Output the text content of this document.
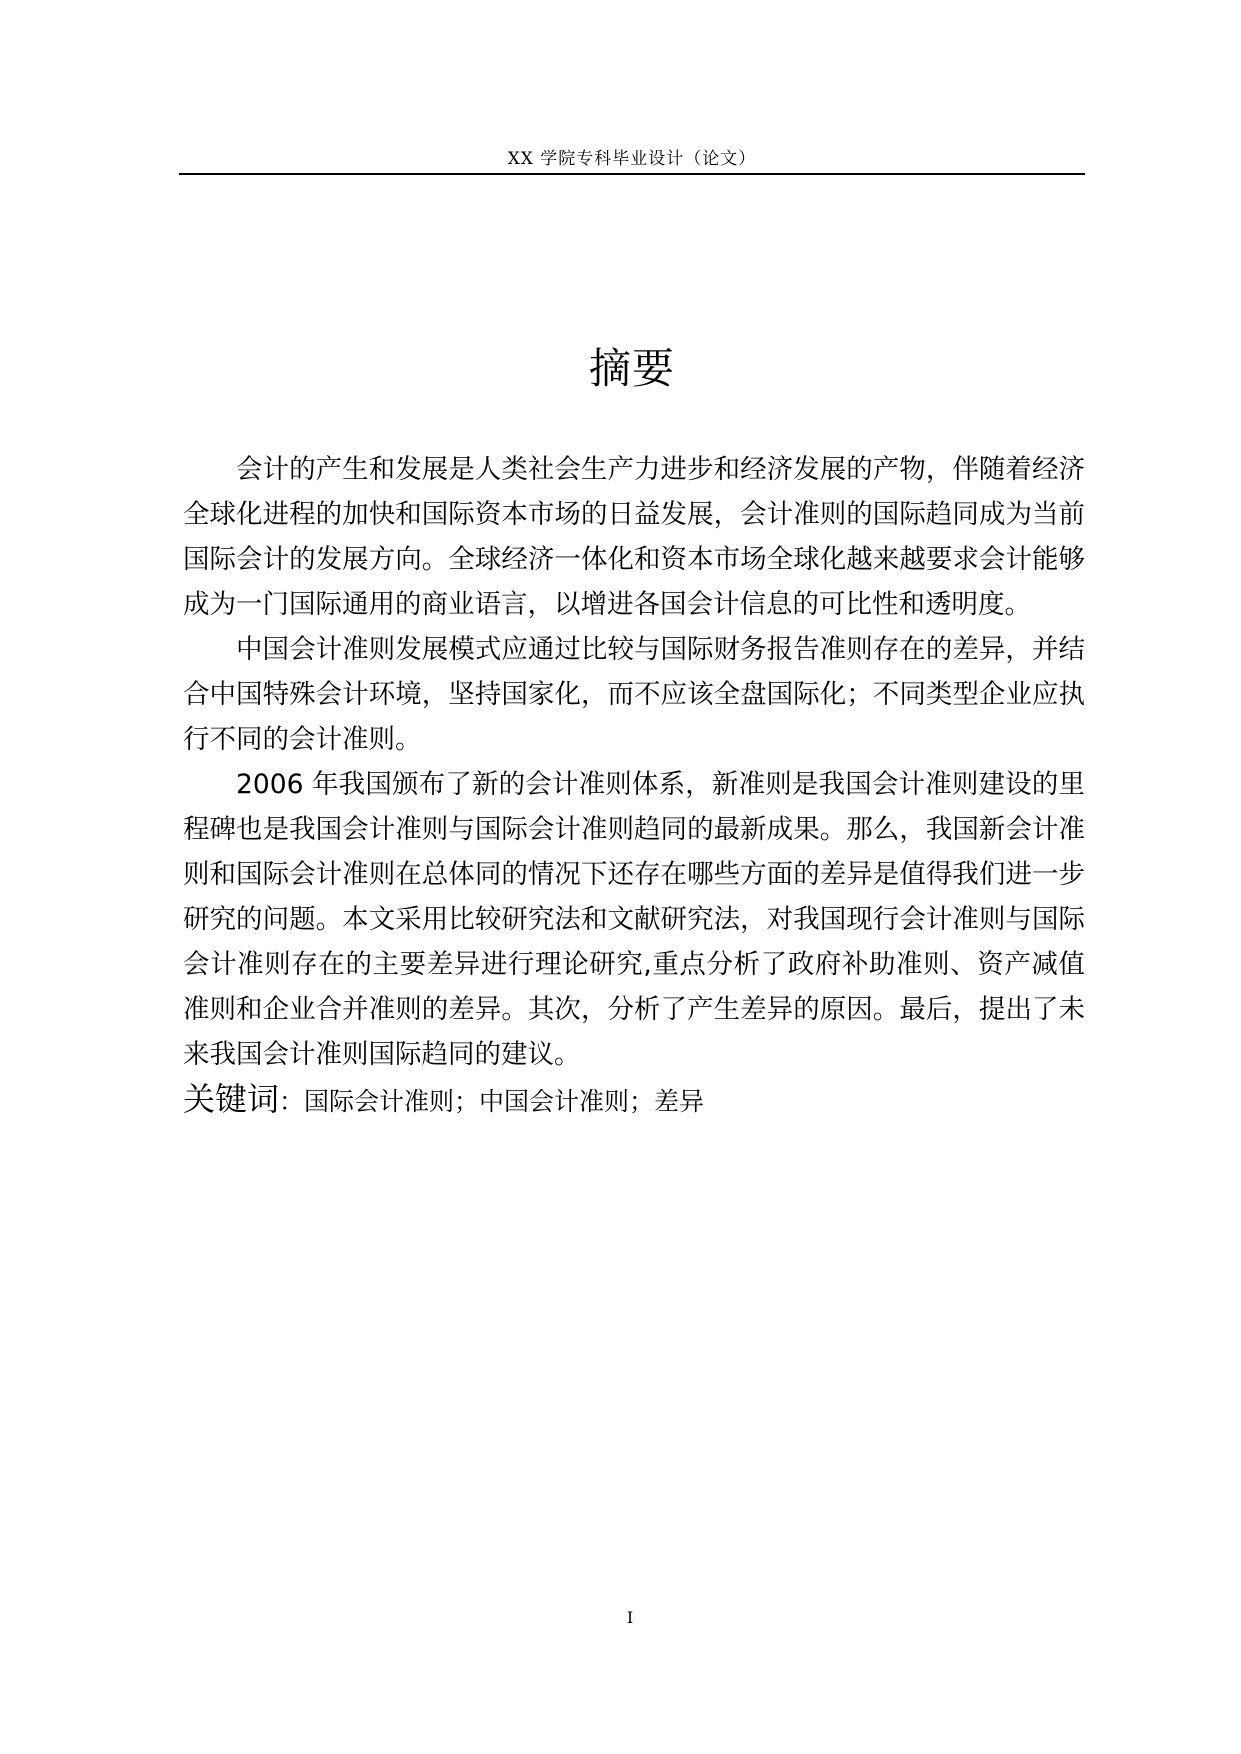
XX 学院专科毕业设计（论文）
摘要

会计的产生和发展是人类社会生产力进步和经济发展的产物，伴随着经济全球化进程的加快和国际资本市场的日益发展，会计准则的国际趋同成为当前国际会计的发展方向。全球经济一体化和资本市场全球化越来越要求会计能够成为一门国际通用的商业语言，以增进各国会计信息的可比性和透明度。

中国会计准则发展模式应通过比较与国际财务报告准则存在的差异，并结合中国特殊会计环境，坚持国家化，而不应该全盘国际化；不同类型企业应执行不同的会计准则。

2006 年我国颁布了新的会计准则体系，新准则是我国会计准则建设的里程碑也是我国会计准则与国际会计准则趋同的最新成果。那么，我国新会计准则和国际会计准则在总体同的情况下还存在哪些方面的差异是值得我们进一步研究的问题。本文采用比较研究法和文献研究法，对我国现行会计准则与国际会计准则存在的主要差异进行理论研究,重点分析了政府补助准则、资产减值准则和企业合并准则的差异。其次，分析了产生差异的原因。最后，提出了未来我国会计准则国际趋同的建议。

关键词：国际会计准则；中国会计准则；差异

I
